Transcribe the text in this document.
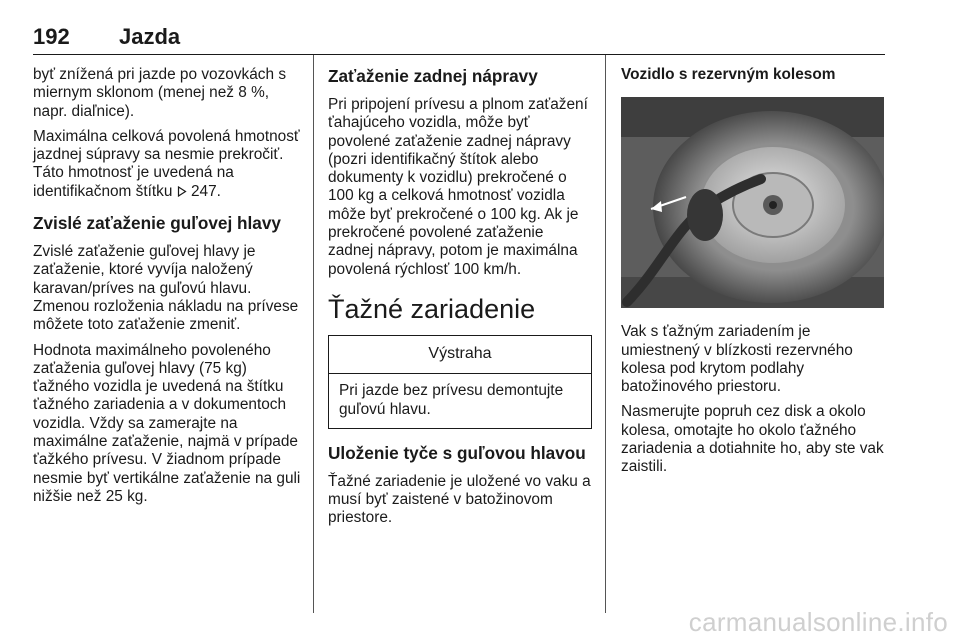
192 Jazda

byť znížená pri jazde po vozovkách s miernym sklonom (menej než 8 %, napr. diaľnice).

Maximálna celková povolená hmotnosť jazdnej súpravy sa nesmie prekročiť. Táto hmotnosť je uvedená na identifikačnom štítku 247.

Zvislé zaťaženie guľovej hlavy

Zvislé zaťaženie guľovej hlavy je zaťaženie, ktoré vyvíja naložený karavan/príves na guľovú hlavu. Zmenou rozloženia nákladu na prívese môžete toto zaťaženie zmeniť.

Hodnota maximálneho povoleného zaťaženia guľovej hlavy (75 kg) ťažného vozidla je uvedená na štítku ťažného zariadenia a v dokumentoch vozidla. Vždy sa zamerajte na maximálne zaťaženie, najmä v prípade ťažkého prívesu. V žiadnom prípade nesmie byť vertikálne zaťaženie na guli nižšie než 25 kg.

Zaťaženie zadnej nápravy

Pri pripojení prívesu a plnom zaťažení ťahajúceho vozidla, môže byť povolené zaťaženie zadnej nápravy (pozri identifikačný štítok alebo dokumenty k vozidlu) prekročené o 100 kg a celková hmotnosť vozidla môže byť prekročené o 100 kg. Ak je prekročené povolené zaťaženie zadnej nápravy, potom je maximálna povolená rýchlosť 100 km/h.

Ťažné zariadenie
Výstraha
Pri jazde bez prívesu demontujte guľovú hlavu.
Uloženie tyče s guľovou hlavou

Ťažné zariadenie je uložené vo vaku a musí byť zaistené v batožinovom priestore.

Vozidlo s rezervným kolesom

Vak s ťažným zariadením je umiestnený v blízkosti rezervného kolesa pod krytom podlahy batožinového priestoru.

Nasmerujte popruh cez disk a okolo kolesa, omotajte ho okolo ťažného zariadenia a dotiahnite ho, aby ste vak zaistili.

carmanualsonline.info
